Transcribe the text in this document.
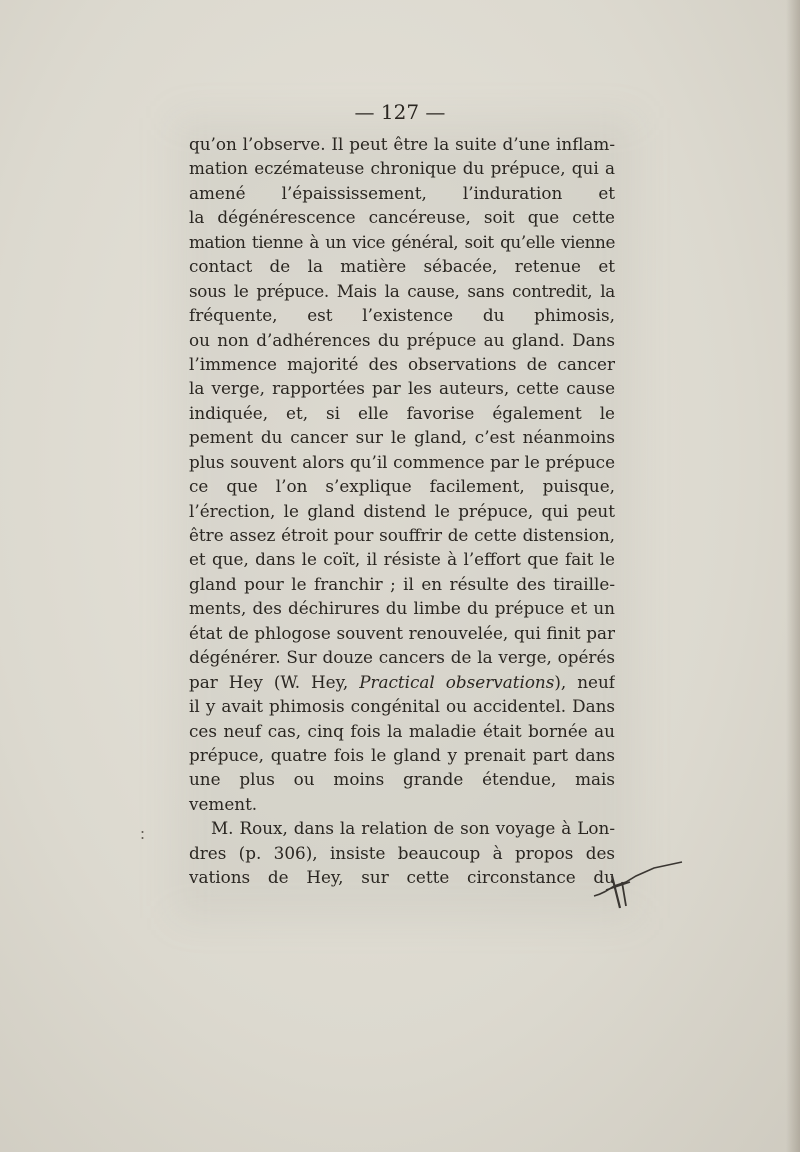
— 127 —
qu’on l’observe. Il peut être la suite d’une inflam-
mation eczémateuse chronique du prépuce, qui a
amené l’épaississement, l’induration et
la dégénérescence cancéreuse, soit que cette
mation tienne à un vice général, soit qu’elle vienne
contact de la matière sébacée, retenue et
sous le prépuce. Mais la cause, sans contredit, la
fréquente, est l’existence du phimosis,
ou non d’adhérences du prépuce au gland. Dans
l’immence majorité des observations de cancer
la verge, rapportées par les auteurs, cette cause
indiquée, et, si elle favorise également le
pement du cancer sur le gland, c’est néanmoins
plus souvent alors qu’il commence par le prépuce
ce que l’on s’explique facilement, puisque,
l’érection, le gland distend le prépuce, qui peut
être assez étroit pour souffrir de cette distension,
et que, dans le coït, il résiste à l’effort que fait le
gland pour le franchir ; il en résulte des tiraille-
ments, des déchirures du limbe du prépuce et un
état de phlogose souvent renouvelée, qui finit par
dégénérer. Sur douze cancers de la verge, opérés
par Hey (W. Hey, Practical observations), neuf
il y avait phimosis congénital ou accidentel. Dans
ces neuf cas, cinq fois la maladie était bornée au
prépuce, quatre fois le gland y prenait part dans
une plus ou moins grande étendue, mais
vement.
M. Roux, dans la relation de son voyage à Lon-
dres (p. 306), insiste beaucoup à propos des
vations de Hey, sur cette circonstance du
